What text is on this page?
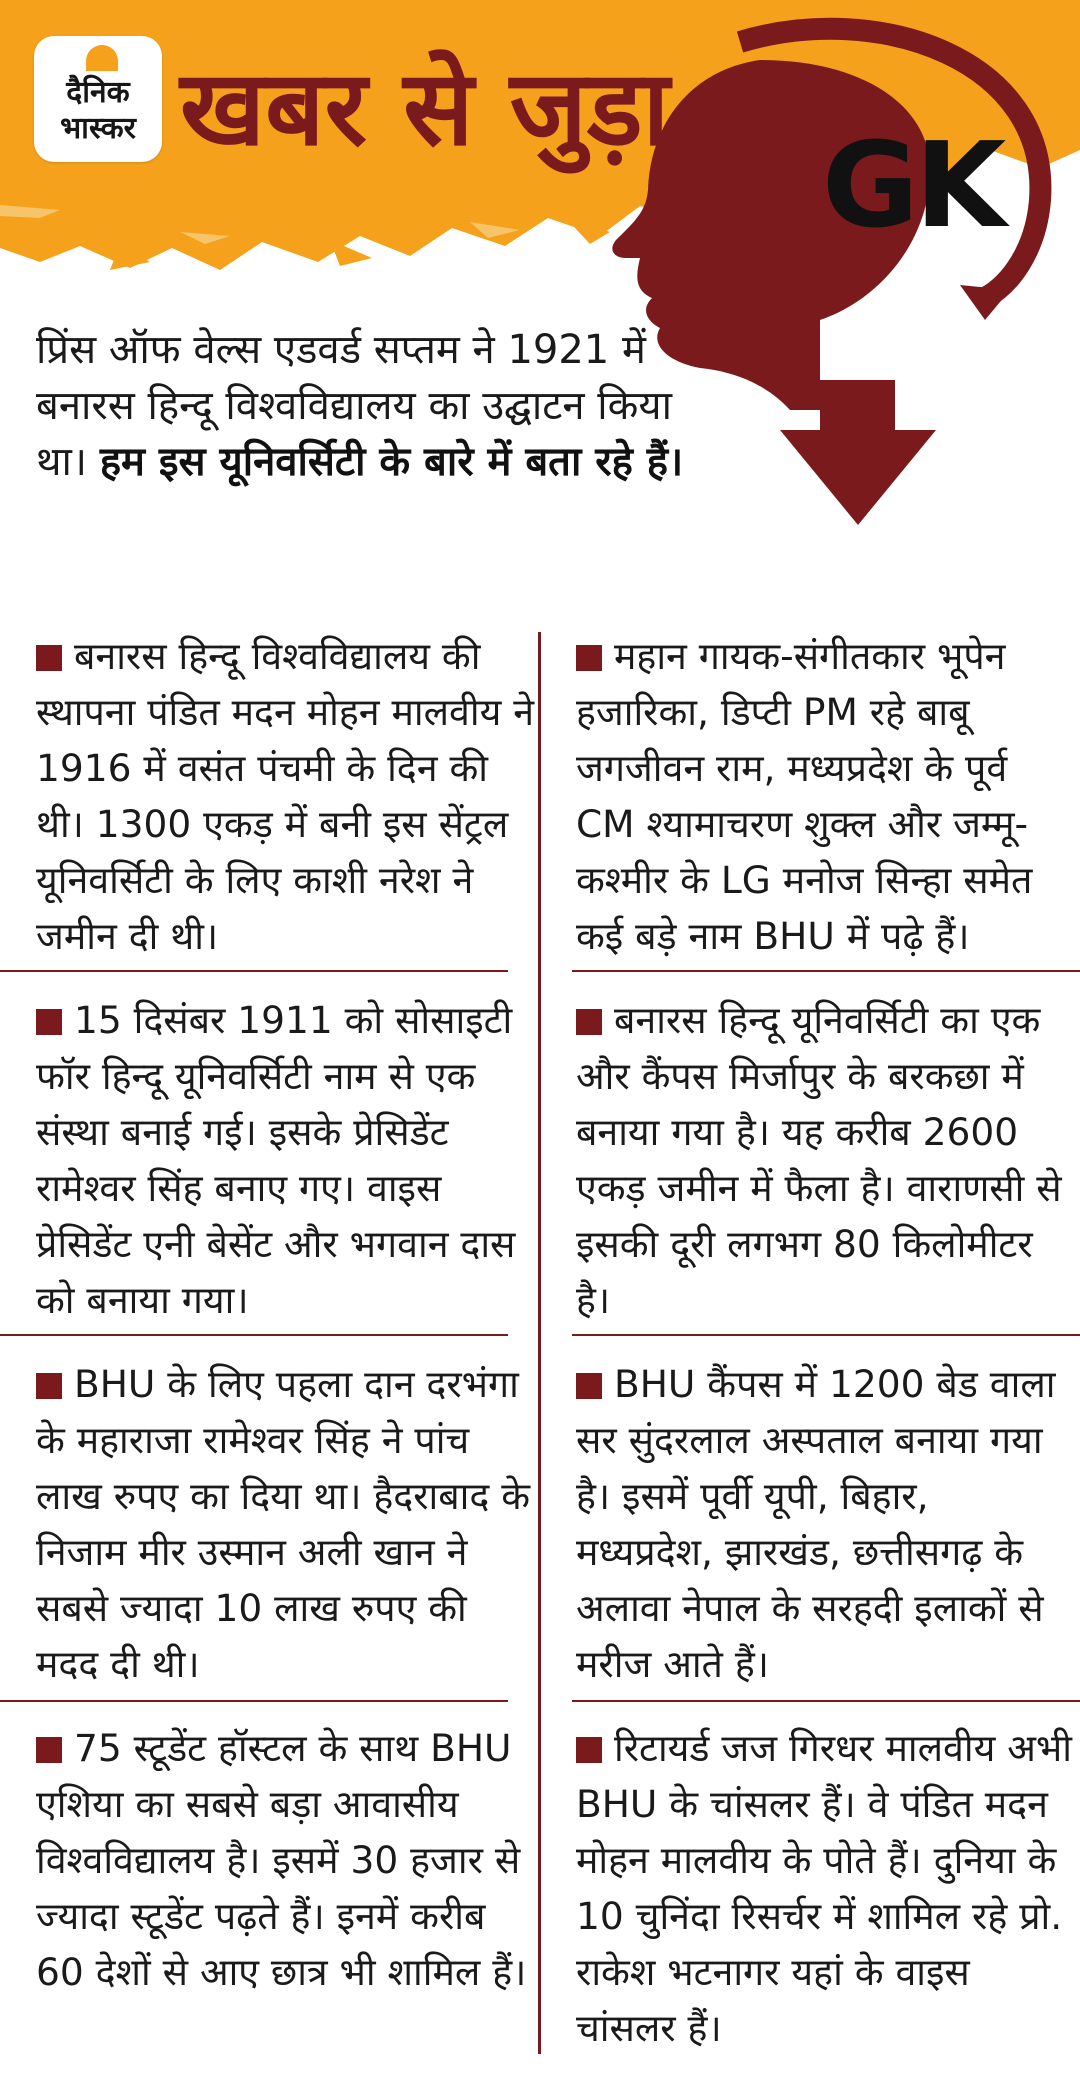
दैनिक
भास्कर खबर से जुड़ा
GK
प्रिंस ऑफ वेल्स एडवर्ड सप्तम ने 1921 में बनारस हिन्दू विश्वविद्यालय का उद्घाटन किया था। हम इस यूनिवर्सिटी के बारे में बता रहे हैं।
बनारस हिन्दू विश्वविद्यालय की स्थापना पंडित मदन मोहन मालवीय ने 1916 में वसंत पंचमी के दिन की थी। 1300 एकड़ में बनी इस सेंट्रल यूनिवर्सिटी के लिए काशी नरेश ने जमीन दी थी।
15 दिसंबर 1911 को सोसाइटी फॉर हिन्दू यूनिवर्सिटी नाम से एक संस्था बनाई गई। इसके प्रेसिडेंट रामेश्वर सिंह बनाए गए। वाइस प्रेसिडेंट एनी बेसेंट और भगवान दास को बनाया गया।
BHU के लिए पहला दान दरभंगा के महाराजा रामेश्वर सिंह ने पांच लाख रुपए का दिया था। हैदराबाद के निजाम मीर उस्मान अली खान ने सबसे ज्यादा 10 लाख रुपए की मदद दी थी।
75 स्टूडेंट हॉस्टल के साथ BHU एशिया का सबसे बड़ा आवासीय विश्वविद्यालय है। इसमें 30 हजार से ज्यादा स्टूडेंट पढ़ते हैं। इनमें करीब 60 देशों से आए छात्र भी शामिल हैं।
महान गायक-संगीतकार भूपेन हजारिका, डिप्टी PM रहे बाबू जगजीवन राम, मध्यप्रदेश के पूर्व CM श्यामाचरण शुक्ल और जम्मू-कश्मीर के LG मनोज सिन्हा समेत कई बड़े नाम BHU में पढ़े हैं।
बनारस हिन्दू यूनिवर्सिटी का एक और कैंपस मिर्जापुर के बरकछा में बनाया गया है। यह करीब 2600 एकड़ जमीन में फैला है। वाराणसी से इसकी दूरी लगभग 80 किलोमीटर है।
BHU कैंपस में 1200 बेड वाला सर सुंदरलाल अस्पताल बनाया गया है। इसमें पूर्वी यूपी, बिहार, मध्यप्रदेश, झारखंड, छत्तीसगढ़ के अलावा नेपाल के सरहदी इलाकों से मरीज आते हैं।
रिटायर्ड जज गिरधर मालवीय अभी BHU के चांसलर हैं। वे पंडित मदन मोहन मालवीय के पोते हैं। दुनिया के 10 चुनिंदा रिसर्चर में शामिल रहे प्रो. राकेश भटनागर यहां के वाइस चांसलर हैं।
